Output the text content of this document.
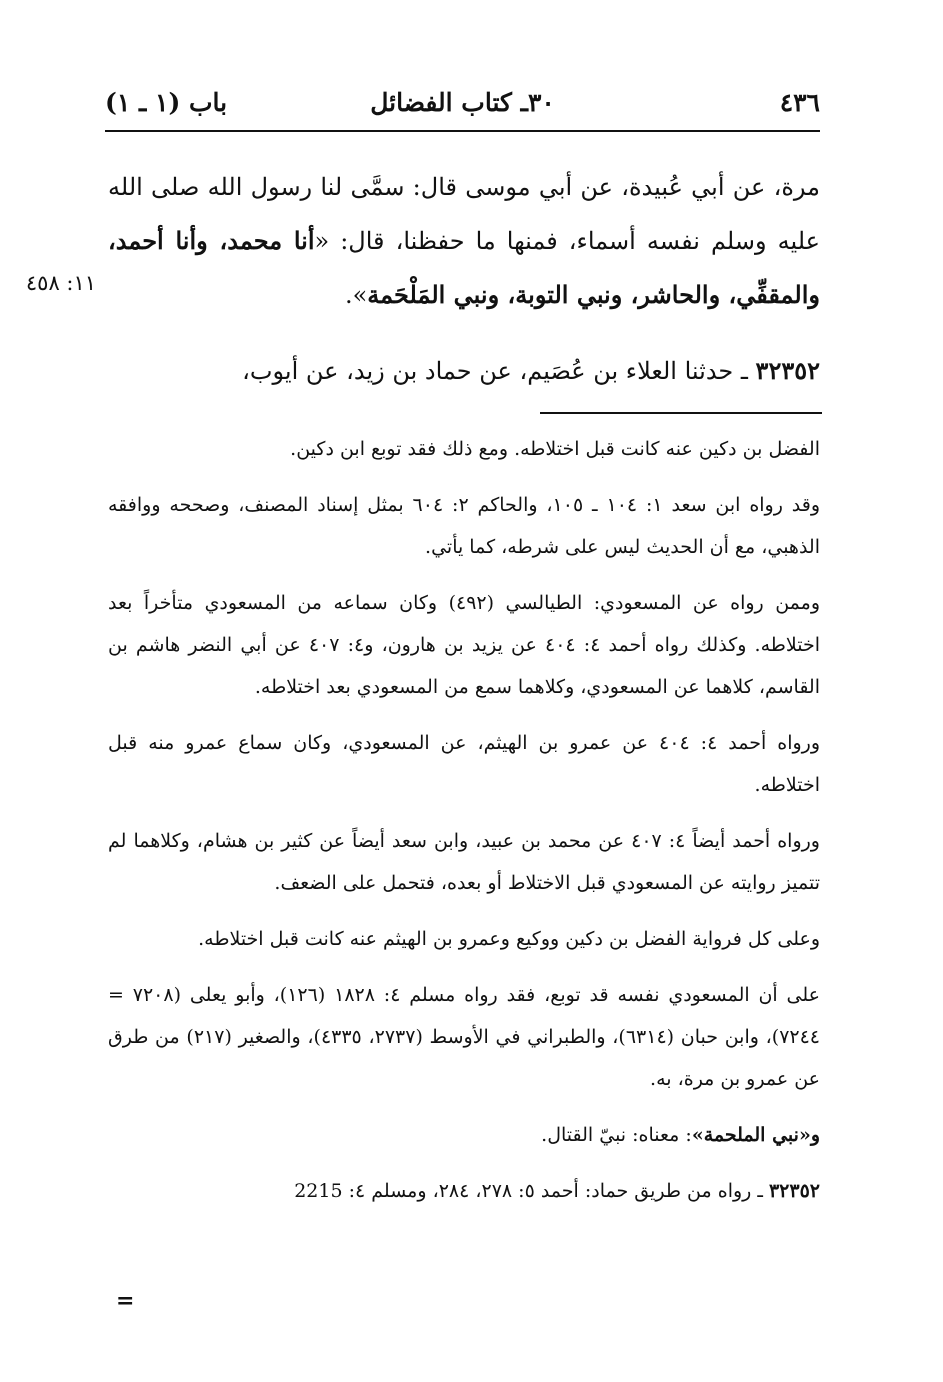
٤٣٦
٣٠ـ كتاب الفضائل
باب (١ ـ ١)
١١: ٤٥٨

مرة، عن أبي عُبيدة، عن أبي موسى قال: سمَّى لنا رسول الله صلى الله عليه وسلم نفسه أسماء، فمنها ما حفظنا، قال: «أنا محمد، وأنا أحمد، والمقفِّي، والحاشر، ونبي التوبة، ونبي المَلْحَمة».

٣٢٣٥٢ ـ حدثنا العلاء بن عُصَيم، عن حماد بن زيد، عن أيوب،

الفضل بن دكين عنه كانت قبل اختلاطه. ومع ذلك فقد توبع ابن دكين.

وقد رواه ابن سعد ١: ١٠٤ ـ ١٠٥، والحاكم ٢: ٦٠٤ بمثل إسناد المصنف، وصححه ووافقه الذهبي، مع أن الحديث ليس على شرطه، كما يأتي.

وممن رواه عن المسعودي: الطيالسي (٤٩٢) وكان سماعه من المسعودي متأخراً بعد اختلاطه. وكذلك رواه أحمد ٤: ٤٠٤ عن يزيد بن هارون، و٤: ٤٠٧ عن أبي النضر هاشم بن القاسم، كلاهما عن المسعودي، وكلاهما سمع من المسعودي بعد اختلاطه.

ورواه أحمد ٤: ٤٠٤ عن عمرو بن الهيثم، عن المسعودي، وكان سماع عمرو منه قبل اختلاطه.

ورواه أحمد أيضاً ٤: ٤٠٧ عن محمد بن عبيد، وابن سعد أيضاً عن كثير بن هشام، وكلاهما لم تتميز روايته عن المسعودي قبل الاختلاط أو بعده، فتحمل على الضعف.

وعلى كل فرواية الفضل بن دكين ووكيع وعمرو بن الهيثم عنه كانت قبل اختلاطه.

على أن المسعودي نفسه قد توبع، فقد رواه مسلم ٤: ١٨٢٨ (١٢٦)، وأبو يعلى (٧٢٠٨ = ٧٢٤٤)، وابن حبان (٦٣١٤)، والطبراني في الأوسط (٢٧٣٧، ٤٣٣٥)، والصغير (٢١٧) من طرق عن عمرو بن مرة، به.

و«نبي الملحمة»: معناه: نبيّ القتال.

٣٢٣٥٢ ـ رواه من طريق حماد: أحمد ٥: ٢٧٨، ٢٨٤، ومسلم ٤: 2215

=
